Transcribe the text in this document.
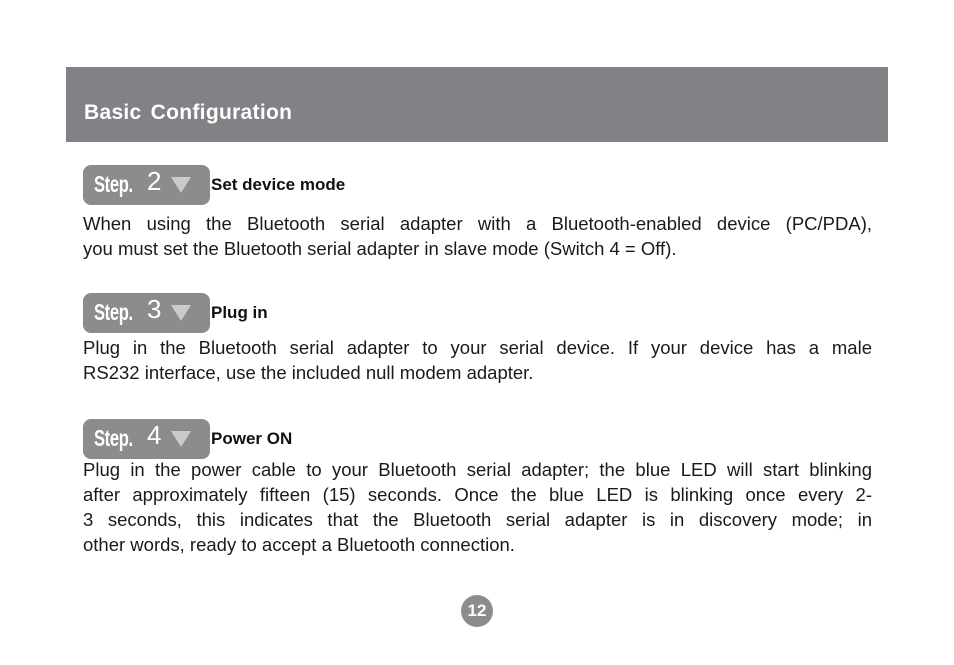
Basic Configuration
Step. 2	Set device mode

When using the Bluetooth serial adapter with a Bluetooth-enabled device (PC/PDA),
you must set the Bluetooth serial adapter in slave mode (Switch 4 = Off).

Step. 3	Plug in

Plug in the Bluetooth serial adapter to your serial device. If your device has a male
RS232 interface, use the included null modem adapter.

Step. 4	Power ON

Plug in the power cable to your Bluetooth serial adapter; the blue LED will start blinking
after approximately fifteen (15) seconds. Once the blue LED is blinking once every 2-
3 seconds, this indicates that the Bluetooth serial adapter is in discovery mode; in
other words, ready to accept a Bluetooth connection.

12
